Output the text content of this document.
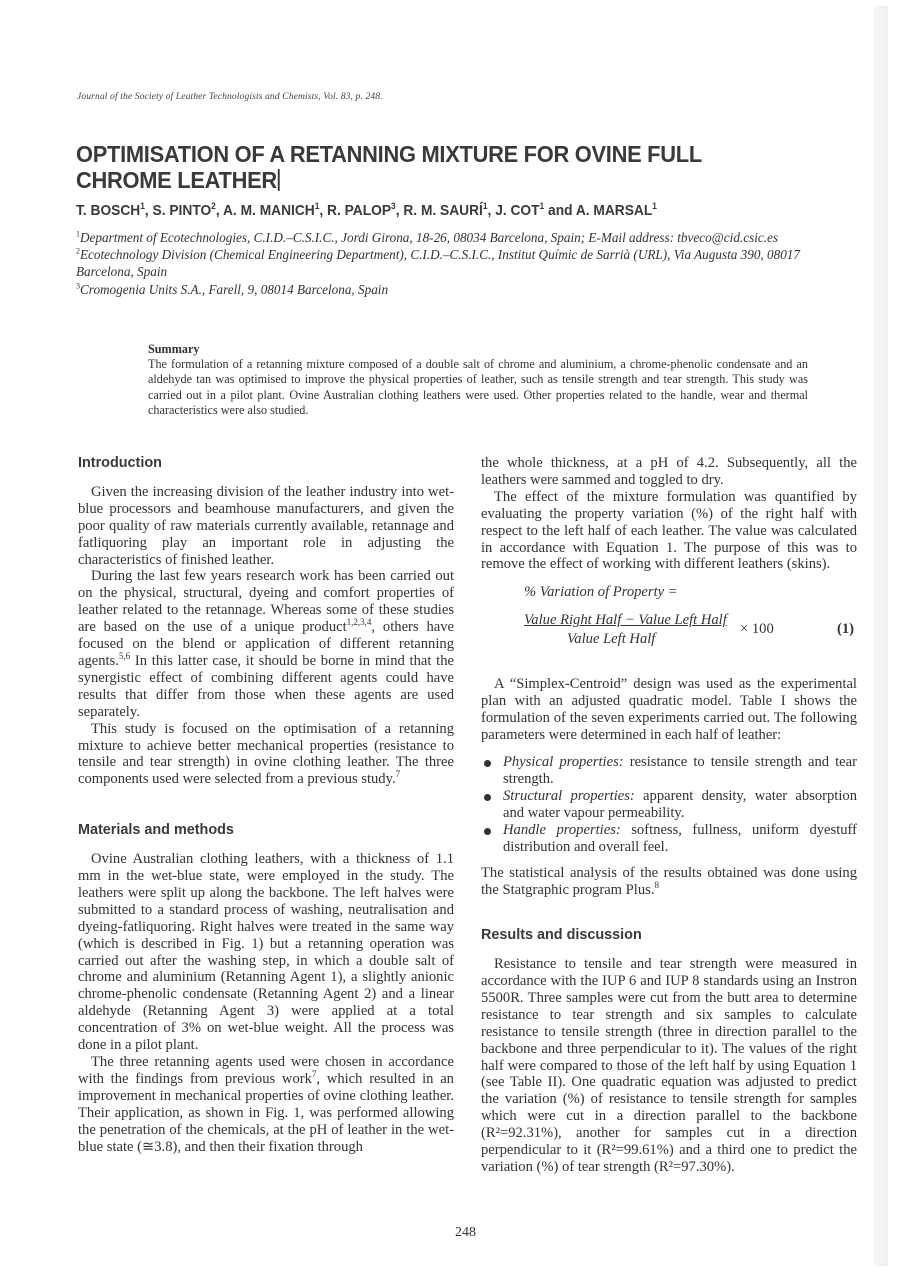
Journal of the Society of Leather Technologists and Chemists, Vol. 83, p. 248.
OPTIMISATION OF A RETANNING MIXTURE FOR OVINE FULL CHROME LEATHER
T. BOSCH$^1$, S. PINTO$^2$, A. M. MANICH$^1$, R. PALOP$^3$, R. M. SAURÍ$^1$, J. COT$^1$ and A. MARSAL$^1$
$^1$Department of Ecotechnologies, C.I.D.–C.S.I.C., Jordi Girona, 18-26, 08034 Barcelona, Spain; E-Mail address: tbveco@cid.csic.es
$^2$Ecotechnology Division (Chemical Engineering Department), C.I.D.–C.S.I.C., Institut Químic de Sarrià (URL), Via Augusta 390, 08017 Barcelona, Spain
$^3$Cromogenia Units S.A., Farell, 9, 08014 Barcelona, Spain
Summary
The formulation of a retanning mixture composed of a double salt of chrome and aluminium, a chrome-phenolic condensate and an aldehyde tan was optimised to improve the physical properties of leather, such as tensile strength and tear strength. This study was carried out in a pilot plant. Ovine Australian clothing leathers were used. Other properties related to the handle, wear and thermal characteristics were also studied.
Introduction

Given the increasing division of the leather industry into wet-blue processors and beamhouse manufacturers, and given the poor quality of raw materials currently available, retannage and fatliquoring play an important role in adjusting the characteristics of finished leather.

During the last few years research work has been carried out on the physical, structural, dyeing and comfort properties of leather related to the retannage. Whereas some of these studies are based on the use of a unique product$^{1,2,3,4}$, others have focused on the blend or application of different retanning agents.$^{5,6}$ In this latter case, it should be borne in mind that the synergistic effect of combining different agents could have results that differ from those when these agents are used separately.

This study is focused on the optimisation of a retanning mixture to achieve better mechanical properties (resistance to tensile and tear strength) in ovine clothing leather. The three components used were selected from a previous study.$^7$

Materials and methods

Ovine Australian clothing leathers, with a thickness of 1.1 mm in the wet-blue state, were employed in the study. The leathers were split up along the backbone. The left halves were submitted to a standard process of washing, neutralisation and dyeing-fatliquoring. Right halves were treated in the same way (which is described in Fig. 1) but a retanning operation was carried out after the washing step, in which a double salt of chrome and aluminium (Retanning Agent 1), a slightly anionic chrome-phenolic condensate (Retanning Agent 2) and a linear aldehyde (Retanning Agent 3) were applied at a total concentration of 3% on wet-blue weight. All the process was done in a pilot plant.

The three retanning agents used were chosen in accordance with the findings from previous work$^7$, which resulted in an improvement in mechanical properties of ovine clothing leather. Their application, as shown in Fig. 1, was performed allowing the penetration of the chemicals, at the pH of leather in the wet-blue state (≅3.8), and then their fixation through

the whole thickness, at a pH of 4.2. Subsequently, all the leathers were sammed and toggled to dry.

The effect of the mixture formulation was quantified by evaluating the property variation (%) of the right half with respect to the left half of each leather. The value was calculated in accordance with Equation 1. The purpose of this was to remove the effect of working with different leathers (skins).

% Variation of Property =
Value Right Half − Value Left Half
Value Left Half
× 100	(1)

A “Simplex-Centroid” design was used as the experimental plan with an adjusted quadratic model. Table I shows the formulation of the seven experiments carried out. The following parameters were determined in each half of leather:

Physical properties: resistance to tensile strength and tear strength.
Structural properties: apparent density, water absorption and water vapour permeability.
Handle properties: softness, fullness, uniform dyestuff distribution and overall feel.

The statistical analysis of the results obtained was done using the Statgraphic program Plus.$^8$

Results and discussion

Resistance to tensile and tear strength were measured in accordance with the IUP 6 and IUP 8 standards using an Instron 5500R. Three samples were cut from the butt area to determine resistance to tear strength and six samples to calculate resistance to tensile strength (three in direction parallel to the backbone and three perpendicular to it). The values of the right half were compared to those of the left half by using Equation 1 (see Table II). One quadratic equation was adjusted to predict the variation (%) of resistance to tensile strength for samples which were cut in a direction parallel to the backbone (R²=92.31%), another for samples cut in a direction perpendicular to it (R²=99.61%) and a third one to predict the variation (%) of tear strength (R²=97.30%).

248
